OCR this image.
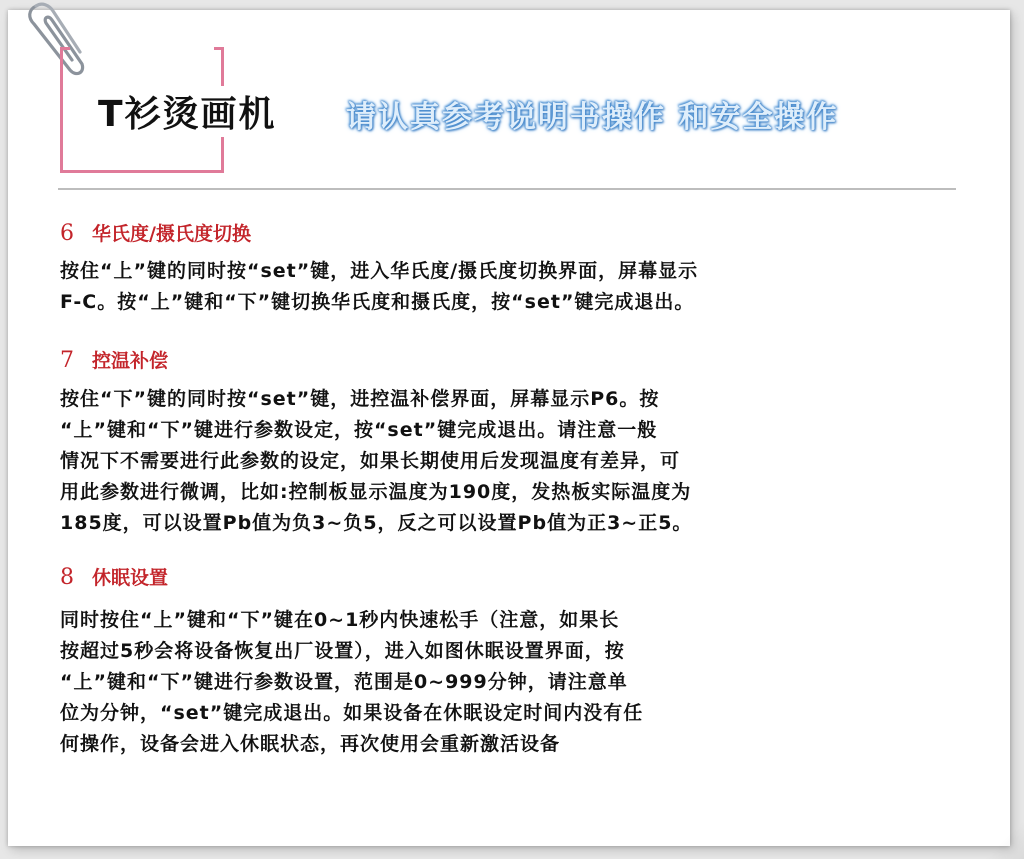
T衫烫画机 请认真参考说明书操作 和安全操作
6 华氏度/摄氏度切换

按住“上”键的同时按“set”键，进入华氏度/摄氏度切换界面，屏幕显示
F-C。按“上”键和“下”键切换华氏度和摄氏度，按“set”键完成退出。

7 控温补偿

按住“下”键的同时按“set”键，进控温补偿界面，屏幕显示P6。按
“上”键和“下”键进行参数设定，按“set”键完成退出。请注意一般
情况下不需要进行此参数的设定，如果长期使用后发现温度有差异，可
用此参数进行微调，比如:控制板显示温度为190度，发热板实际温度为
185度，可以设置Pb值为负3~负5，反之可以设置Pb值为正3~正5。

8 休眠设置

同时按住“上”键和“下”键在0~1秒内快速松手（注意，如果长
按超过5秒会将设备恢复出厂设置），进入如图休眠设置界面，按
“上”键和“下”键进行参数设置，范围是0~999分钟，请注意单
位为分钟，“set”键完成退出。如果设备在休眠设定时间内没有任
何操作，设备会进入休眠状态，再次使用会重新激活设备
